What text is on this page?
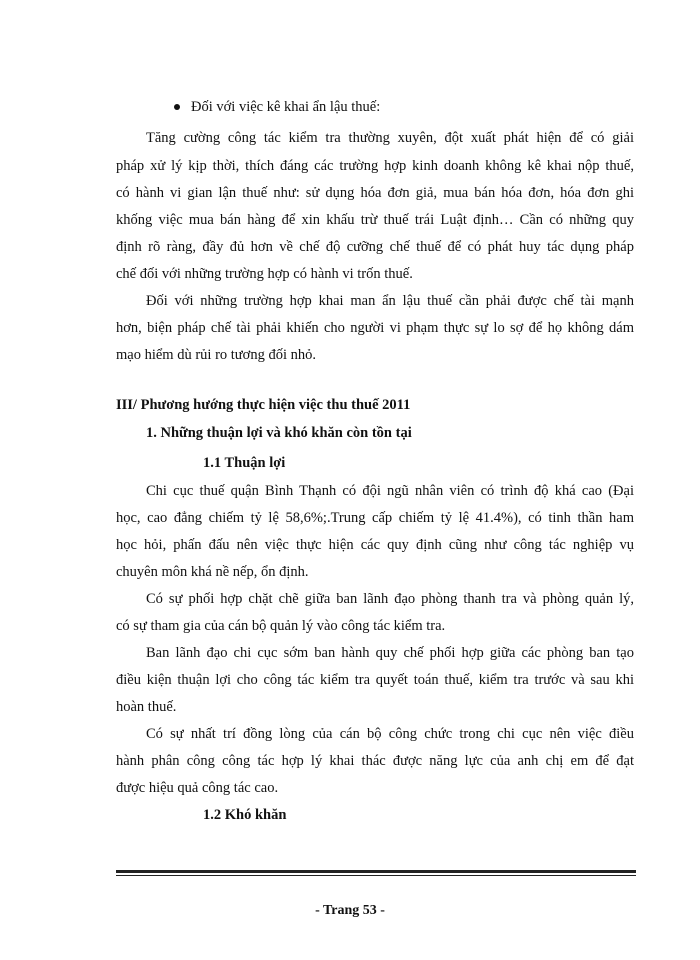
Đối với việc kê khai ẩn lậu thuế:
Tăng cường công tác kiểm tra thường xuyên, đột xuất phát hiện để có giải
pháp xử lý kịp thời, thích đáng các trường hợp kinh doanh không kê khai nộp thuế,
có hành vi gian lận thuế như: sử dụng hóa đơn giả, mua bán hóa đơn, hóa đơn ghi
khống việc mua bán hàng để xin khấu trừ thuế trái Luật định… Cần có những quy
định rõ ràng, đầy đủ hơn về chế độ cưỡng chế thuế để có phát huy tác dụng pháp
chế đối với những trường hợp có hành vi trốn thuế.
Đối với những trường hợp khai man ẩn lậu thuế cần phải được chế tài mạnh
hơn, biện pháp chế tài phải khiến cho người vi phạm thực sự lo sợ để họ không dám
mạo hiểm dù rủi ro tương đối nhỏ.
III/ Phương hướng thực hiện việc thu thuế 2011
1. Những thuận lợi và khó khăn còn tồn tại
1.1 Thuận lợi
Chi cục thuế quận Bình Thạnh có đội ngũ nhân viên có trình độ khá cao (Đại
học, cao đẳng chiếm tỷ lệ 58,6%;.Trung cấp chiếm tỷ lệ 41.4%), có tinh thần ham
học hỏi, phấn đấu nên việc thực hiện các quy định cũng như công tác nghiệp vụ
chuyên môn khá nề nếp, ổn định.
Có sự phối hợp chặt chẽ giữa ban lãnh đạo phòng thanh tra và phòng quản lý,
có sự tham gia của cán bộ quản lý vào công tác kiểm tra.
Ban lãnh đạo chi cục sớm ban hành quy chế phối hợp giữa các phòng ban tạo
điều kiện thuận lợi cho công tác kiểm tra quyết toán thuế, kiểm tra trước và sau khi
hoàn thuế.
Có sự nhất trí đồng lòng của cán bộ công chức trong chi cục nên việc điều
hành phân công công tác hợp lý khai thác được năng lực của anh chị em để đạt
được hiệu quả công tác cao.
1.2 Khó khăn
- Trang 53 -
